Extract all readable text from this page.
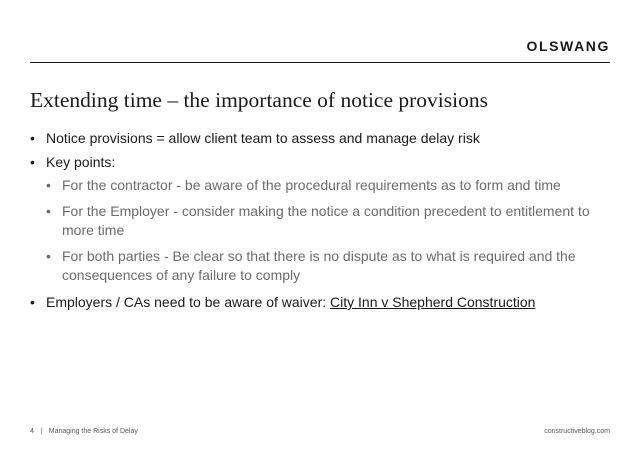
OLSWANG
Extending time – the importance of notice provisions
• Notice provisions = allow client team to assess and manage delay risk
• Key points:
• For the contractor - be aware of the procedural requirements as to form and time
• For the Employer - consider making the notice a condition precedent to entitlement to more time
• For both parties - Be clear so that there is no dispute as to what is required and the consequences of any failure to comply
• Employers / CAs need to be aware of waiver: City Inn v Shepherd Construction
4 | Managing the Risks of Delay	constructiveblog.com
